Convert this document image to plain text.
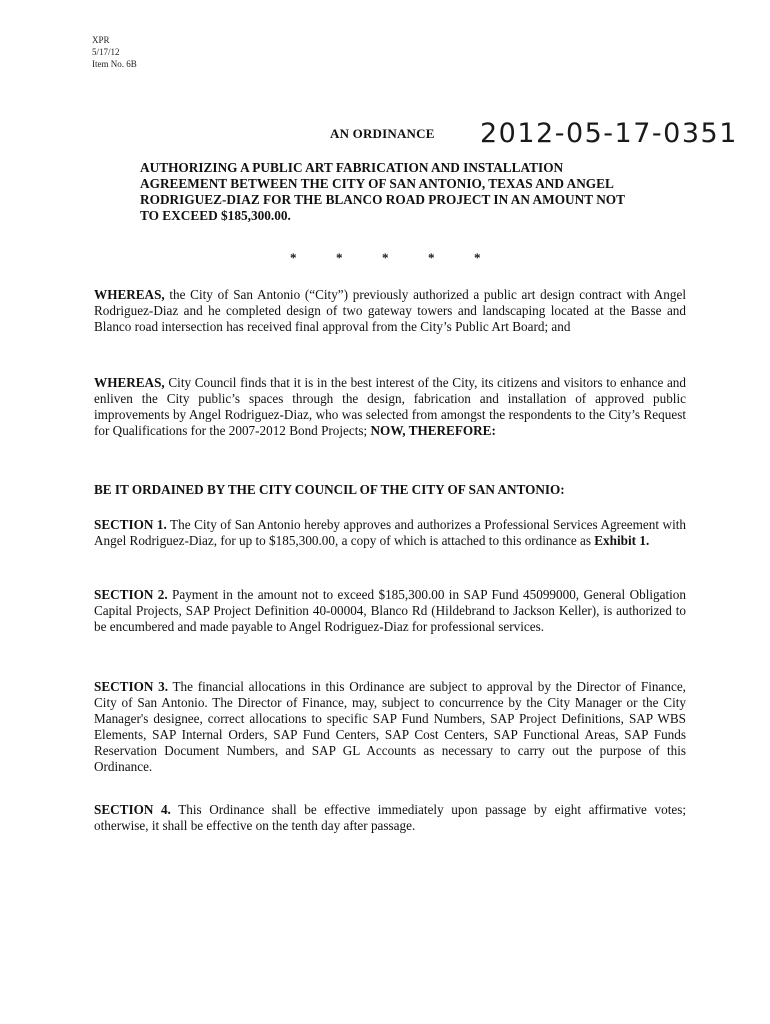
XPR
5/17/12
Item No. 6B
AN ORDINANCE 2012-05-17-0351

AUTHORIZING A PUBLIC ART FABRICATION AND INSTALLATION AGREEMENT BETWEEN THE CITY OF SAN ANTONIO, TEXAS AND ANGEL RODRIGUEZ-DIAZ FOR THE BLANCO ROAD PROJECT IN AN AMOUNT NOT TO EXCEED $185,300.00.

*	*	*	*	*

WHEREAS, the City of San Antonio (“City”) previously authorized a public art design contract with Angel Rodriguez-Diaz and he completed design of two gateway towers and landscaping located at the Basse and Blanco road intersection has received final approval from the City’s Public Art Board; and

WHEREAS, City Council finds that it is in the best interest of the City, its citizens and visitors to enhance and enliven the City public’s spaces through the design, fabrication and installation of approved public improvements by Angel Rodriguez-Diaz, who was selected from amongst the respondents to the City’s Request for Qualifications for the 2007-2012 Bond Projects; NOW, THEREFORE:

BE IT ORDAINED BY THE CITY COUNCIL OF THE CITY OF SAN ANTONIO:

SECTION 1. The City of San Antonio hereby approves and authorizes a Professional Services Agreement with Angel Rodriguez-Diaz, for up to $185,300.00, a copy of which is attached to this ordinance as Exhibit 1.

SECTION 2. Payment in the amount not to exceed $185,300.00 in SAP Fund 45099000, General Obligation Capital Projects, SAP Project Definition 40-00004, Blanco Rd (Hildebrand to Jackson Keller), is authorized to be encumbered and made payable to Angel Rodriguez-Diaz for professional services.

SECTION 3. The financial allocations in this Ordinance are subject to approval by the Director of Finance, City of San Antonio. The Director of Finance, may, subject to concurrence by the City Manager or the City Manager's designee, correct allocations to specific SAP Fund Numbers, SAP Project Definitions, SAP WBS Elements, SAP Internal Orders, SAP Fund Centers, SAP Cost Centers, SAP Functional Areas, SAP Funds Reservation Document Numbers, and SAP GL Accounts as necessary to carry out the purpose of this Ordinance.

SECTION 4. This Ordinance shall be effective immediately upon passage by eight affirmative votes; otherwise, it shall be effective on the tenth day after passage.
